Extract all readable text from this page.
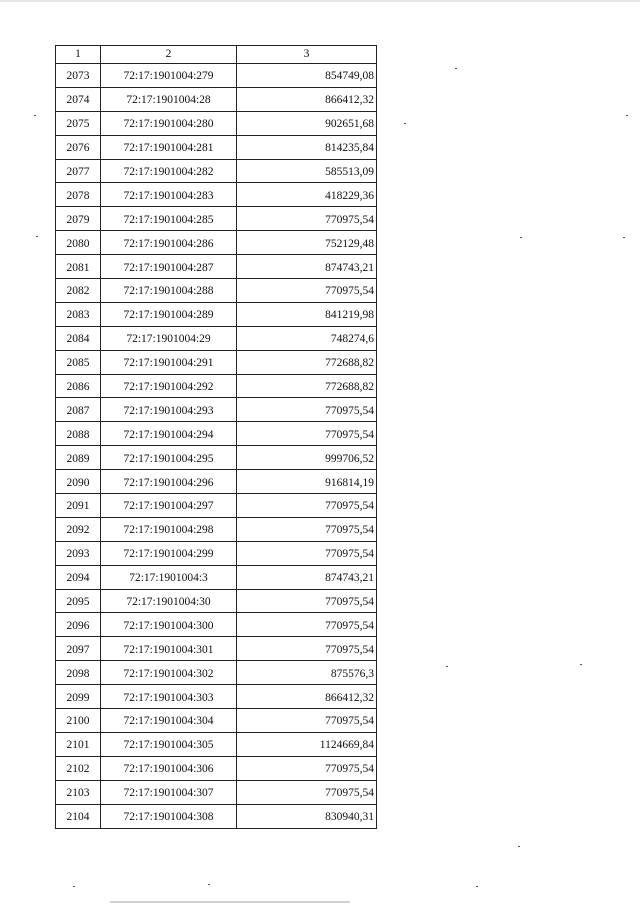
1	2	3
2073	72:17:1901004:279	854749,08
2074	72:17:1901004:28	866412,32
2075	72:17:1901004:280	902651,68
2076	72:17:1901004:281	814235,84
2077	72:17:1901004:282	585513,09
2078	72:17:1901004:283	418229,36
2079	72:17:1901004:285	770975,54
2080	72:17:1901004:286	752129,48
2081	72:17:1901004:287	874743,21
2082	72:17:1901004:288	770975,54
2083	72:17:1901004:289	841219,98
2084	72:17:1901004:29	748274,6
2085	72:17:1901004:291	772688,82
2086	72:17:1901004:292	772688,82
2087	72:17:1901004:293	770975,54
2088	72:17:1901004:294	770975,54
2089	72:17:1901004:295	999706,52
2090	72:17:1901004:296	916814,19
2091	72:17:1901004:297	770975,54
2092	72:17:1901004:298	770975,54
2093	72:17:1901004:299	770975,54
2094	72:17:1901004:3	874743,21
2095	72:17:1901004:30	770975,54
2096	72:17:1901004:300	770975,54
2097	72:17:1901004:301	770975,54
2098	72:17:1901004:302	875576,3
2099	72:17:1901004:303	866412,32
2100	72:17:1901004:304	770975,54
2101	72:17:1901004:305	1124669,84
2102	72:17:1901004:306	770975,54
2103	72:17:1901004:307	770975,54
2104	72:17:1901004:308	830940,31
